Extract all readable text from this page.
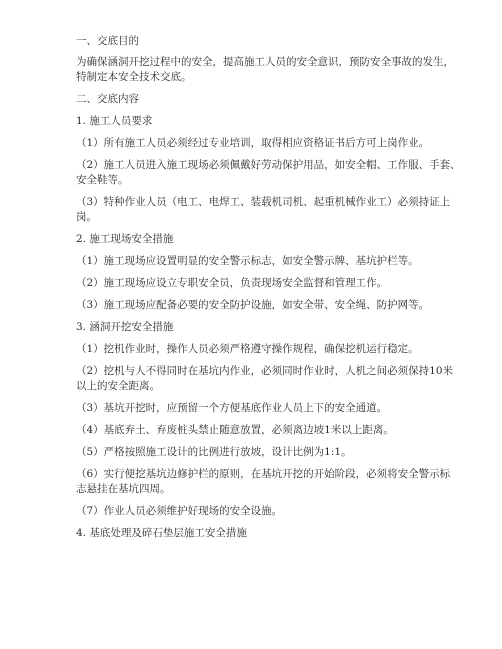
一、交底目的
为确保涵洞开挖过程中的安全，提高施工人员的安全意识，预防安全事故的发生，
特制定本安全技术交底。
二、交底内容
1. 施工人员要求
（1）所有施工人员必须经过专业培训，取得相应资格证书后方可上岗作业。
（2）施工人员进入施工现场必须佩戴好劳动保护用品，如安全帽、工作服、手套、
安全鞋等。
（3）特种作业人员（电工、电焊工、装载机司机、起重机械作业工）必须持证上
岗。
2. 施工现场安全措施
（1）施工现场应设置明显的安全警示标志，如安全警示牌、基坑护栏等。
（2）施工现场应设立专职安全员，负责现场安全监督和管理工作。
（3）施工现场应配备必要的安全防护设施，如安全带、安全绳、防护网等。
3. 涵洞开挖安全措施
（1）挖机作业时，操作人员必须严格遵守操作规程，确保挖机运行稳定。
（2）挖机与人不得同时在基坑内作业，必须同时作业时，人机之间必须保持10米
以上的安全距离。
（3）基坑开挖时，应预留一个方便基底作业人员上下的安全通道。
（4）基底弃土、弃废桩头禁止随意放置，必须离边坡1米以上距离。
（5）严格按照施工设计的比例进行放坡，设计比例为1:1。
（6）实行便挖基坑边修护栏的原则，在基坑开挖的开始阶段，必须将安全警示标
志悬挂在基坑四周。
（7）作业人员必须维护好现场的安全设施。
4. 基底处理及碎石垫层施工安全措施
